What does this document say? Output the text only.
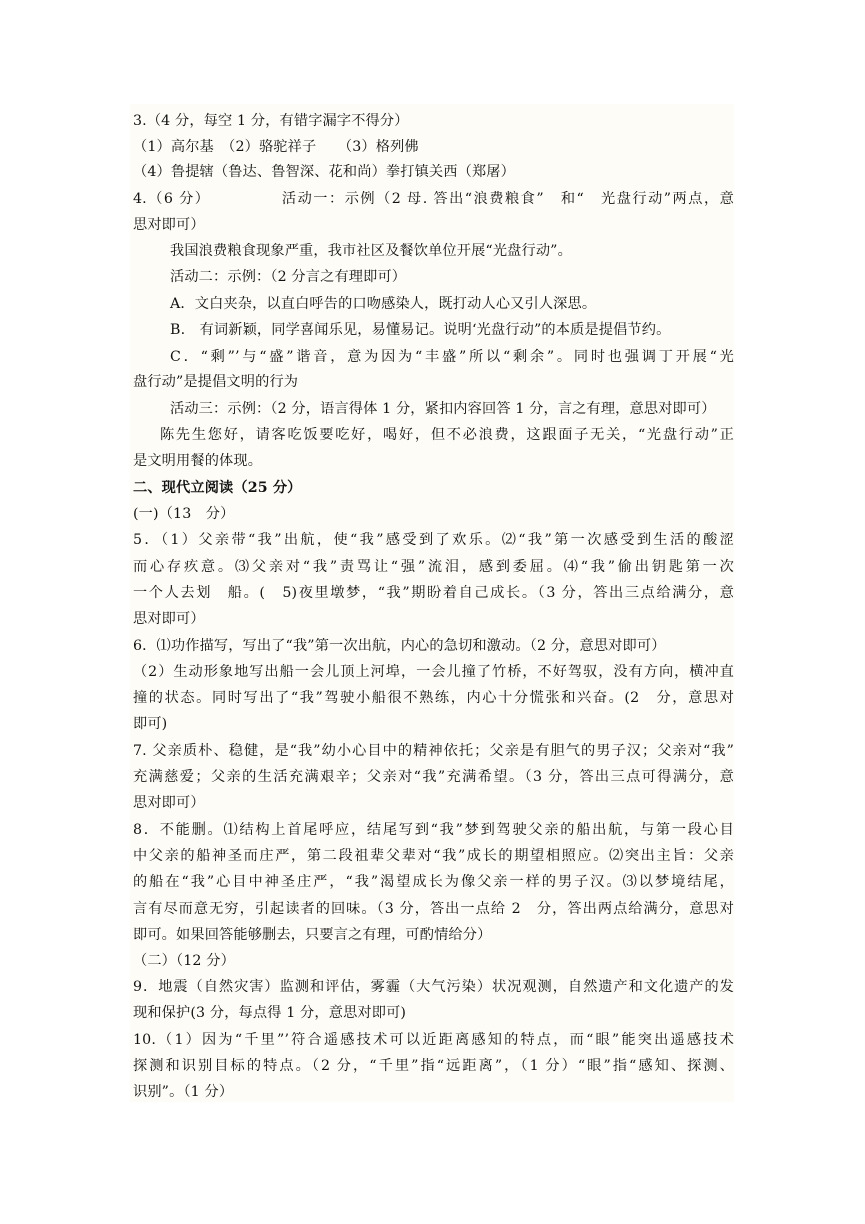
3.（4 分，每空 1 分，有错字漏字不得分）
（1）高尔基　（2）骆驼祥子　　（3）格列佛
（4）鲁提辖（鲁达、鲁智深、花和尚）拳打镇关西（郑屠）
4.（6 分）　　　　　活动一：示例（2 母. 答出“浪费粮食”　和“　光盘行动”两点，意
思对即可）
我国浪费粮食现象严重，我市社区及餐饮单位开展“光盘行动”。
活动二：示例：（2 分言之有理即可）
A．文白夹杂，以直白呼告的口吻感染人，既打动人心又引人深思。
B.　有词新颖，同学喜闻乐见，易懂易记。说明‘光盘行动”的本质是提倡节约。
C．“剩”’与“盛”谐音，意为因为“丰盛”所以“剩余”。同时也强调丁开展“光
盘行动”是提倡文明的行为
活动三：示例：（2 分，语言得体 1 分，紧扣内容回答 1 分，言之有理，意思对即可）
陈先生您好，请客吃饭要吃好，喝好，但不必浪费，这跟面子无关，“光盘行动”正
是文明用餐的体现。
二、现代立阅读（25 分）
(一)（13　分）
5．（1）父亲带“我”出航，使“我”感受到了欢乐。⑵“我”第一次感受到生活的酸涩
而心存疚意。⑶父亲对“我”责骂让“强”流泪，感到委屈。⑷“我”偷出钥匙第一次
一个人去划　船。(　5)夜里墩梦，“我”期盼着自己成长。（3 分，答出三点给满分，意
思对即可）
6．⑴功作描写，写出了“我”第一次出航，内心的急切和激动。（2 分，意思对即可）
（2）生动形象地写出船一会儿顶上河埠，一会儿撞了竹桥，不好驾驭，没有方向，横冲直
撞的状态。同时写出了“我”驾驶小船很不熟练，内心十分慌张和兴奋。(2　分，意思对
即可)
7. 父亲质朴、稳健，是“我”幼小心目中的精神依托；父亲是有胆气的男子汉；父亲对“我”
充满慈爱；父亲的生活充满艰辛；父亲对“我”充满希望。（3 分，答出三点可得满分，意
思对即可）
8．不能删。⑴结构上首尾呼应，结尾写到“我”梦到驾驶父亲的船出航，与第一段心目
中父亲的船神圣而庄严，第二段祖辈父辈对“我”成长的期望相照应。⑵突出主旨：父亲
的船在“我”心目中神圣庄严，“我”渴望成长为像父亲一样的男子汉。⑶以梦境结尾，
言有尽而意无穷，引起读者的回味。（3 分，答出一点给 2　分，答出两点给满分，意思对
即可。如果回答能够删去，只要言之有理，可酌情给分）
（二）（12 分）
9．地震（自然灾害）监测和评估，雾霾（大气污染）状况观测，自然遗产和文化遗产的发
现和保护(3 分，每点得 1 分，意思对即可)
10.（1）因为“千里”’符合遥感技术可以近距离感知的特点，而“眼”能突出遥感技术
探测和识别目标的特点。（2 分，“千里”指“远距离”，（1 分）“眼”指“感知、探测、
识别”。（1 分）
